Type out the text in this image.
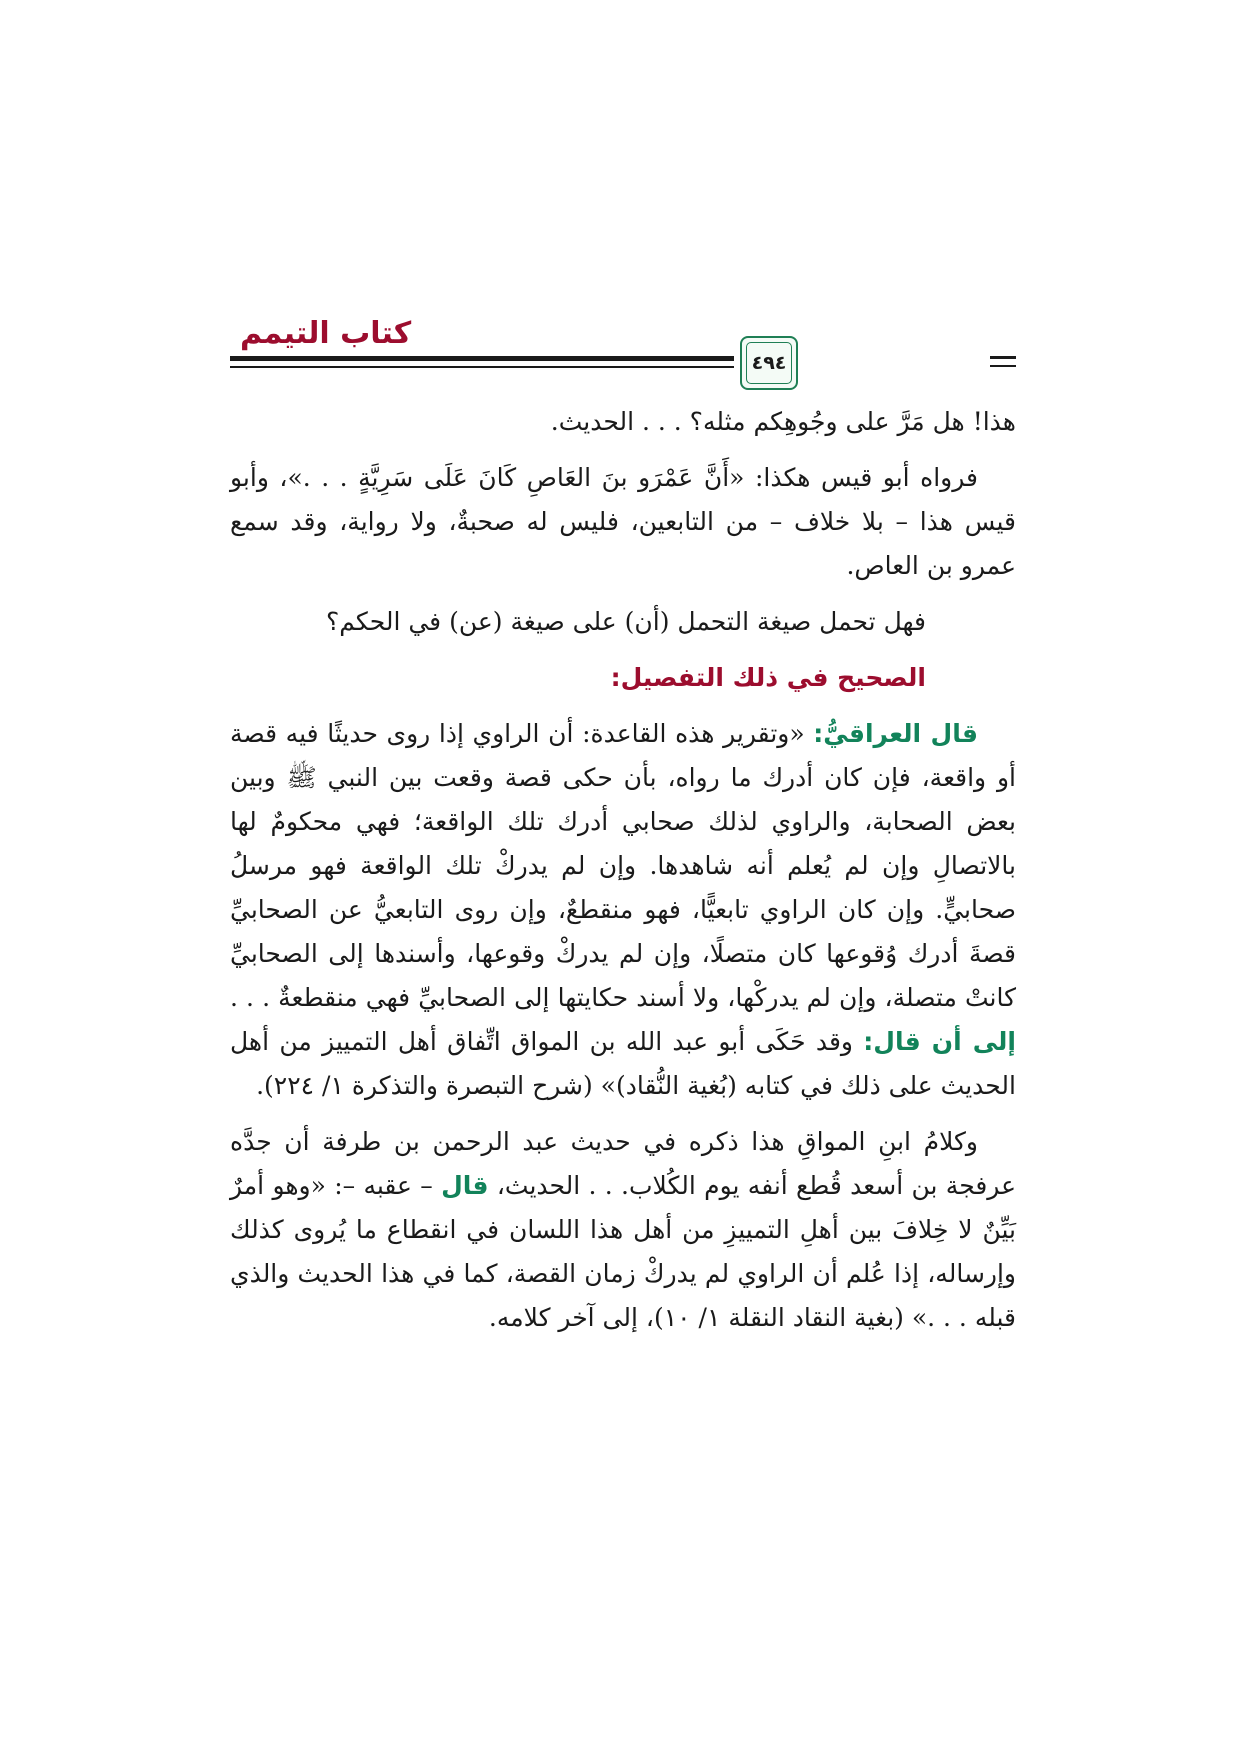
كتاب التيمم
٤٩٤

هذا! هل مَرَّ على وجُوهِكم مثله؟ . . . الحديث.

فرواه أبو قيس هكذا: «أَنَّ عَمْرَو بنَ العَاصِ كَانَ عَلَى سَرِيَّةٍ . . .»، وأبو قيس هذا – بلا خلاف – من التابعين، فليس له صحبةٌ، ولا رواية، وقد سمع عمرو بن العاص.

فهل تحمل صيغة التحمل (أن) على صيغة (عن) في الحكم؟

الصحيح في ذلك التفصيل:

قال العراقيُّ: «وتقرير هذه القاعدة: أن الراوي إذا روى حديثًا فيه قصة أو واقعة، فإن كان أدرك ما رواه، بأن حكى قصة وقعت بين النبي ﷺ وبين بعض الصحابة، والراوي لذلك صحابي أدرك تلك الواقعة؛ فهي محكومٌ لها بالاتصالِ وإن لم يُعلم أنه شاهدها. وإن لم يدركْ تلك الواقعة فهو مرسلُ صحابيٍّ. وإن كان الراوي تابعيًّا، فهو منقطعٌ، وإن روى التابعيُّ عن الصحابيِّ قصةَ أدرك وُقوعها كان متصلًا، وإن لم يدركْ وقوعها، وأسندها إلى الصحابيِّ كانتْ متصلة، وإن لم يدركْها، ولا أسند حكايتها إلى الصحابيِّ فهي منقطعةٌ . . . إلى أن قال: وقد حَكَى أبو عبد الله بن المواق اتِّفاق أهل التمييز من أهل الحديث على ذلك في كتابه (بُغية النُّقاد)» (شرح التبصرة والتذكرة ١/ ٢٢٤).

وكلامُ ابنِ المواقِ هذا ذكره في حديث عبد الرحمن بن طرفة أن جدَّه عرفجة بن أسعد قُطع أنفه يوم الكُلاب. . . الحديث، قال – عقبه –: «وهو أمرٌ بَيِّنٌ لا خِلافَ بين أهلِ التمييزِ من أهل هذا اللسان في انقطاع ما يُروى كذلك وإرساله، إذا عُلم أن الراوي لم يدركْ زمان القصة، كما في هذا الحديث والذي قبله . . .» (بغية النقاد النقلة ١/ ١٠)، إلى آخر كلامه.
